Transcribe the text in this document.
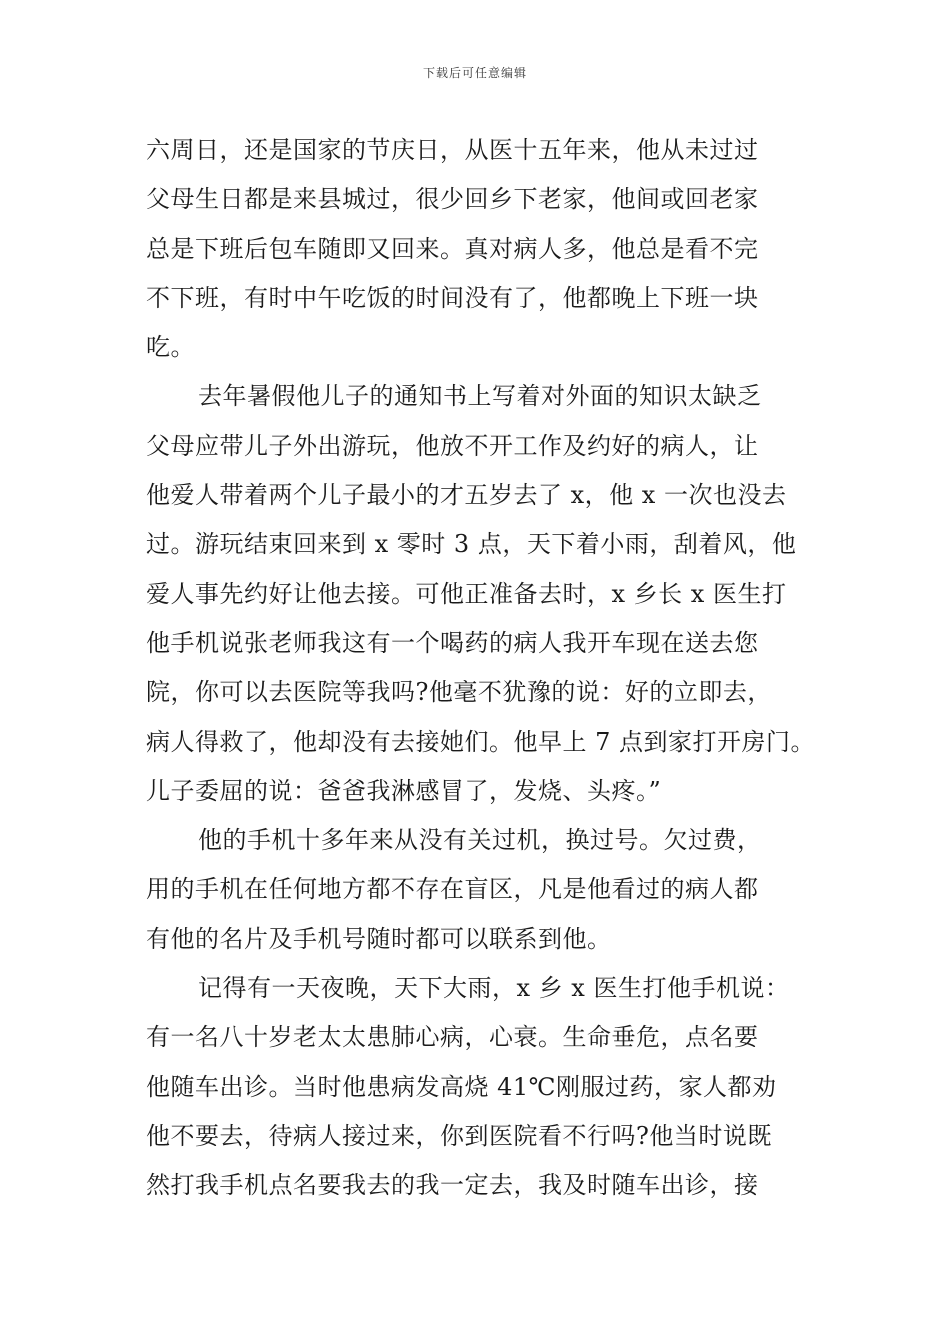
下载后可任意编辑
六周日，还是国家的节庆日，从医十五年来，他从未过过
父母生日都是来县城过，很少回乡下老家，他间或回老家
总是下班后包车随即又回来。真对病人多，他总是看不完
不下班，有时中午吃饭的时间没有了，他都晚上下班一块
吃。
去年暑假他儿子的通知书上写着对外面的知识太缺乏
父母应带儿子外出游玩，他放不开工作及约好的病人，让
他爱人带着两个儿子最小的才五岁去了 x，他 x 一次也没去
过。游玩结束回来到 x 零时 3 点，天下着小雨，刮着风，他
爱人事先约好让他去接。可他正准备去时，x 乡长 x 医生打
他手机说张老师我这有一个喝药的病人我开车现在送去您
院，你可以去医院等我吗?他毫不犹豫的说：好的立即去，
病人得救了，他却没有去接她们。他早上 7 点到家打开房门。
儿子委屈的说：爸爸我淋感冒了，发烧、头疼。”
他的手机十多年来从没有关过机，换过号。欠过费，
用的手机在任何地方都不存在盲区，凡是他看过的病人都
有他的名片及手机号随时都可以联系到他。
记得有一天夜晚，天下大雨，x 乡 x 医生打他手机说：
有一名八十岁老太太患肺心病，心衰。生命垂危，点名要
他随车出诊。当时他患病发高烧 41℃刚服过药，家人都劝
他不要去，待病人接过来，你到医院看不行吗?他当时说既
然打我手机点名要我去的我一定去，我及时随车出诊，接
